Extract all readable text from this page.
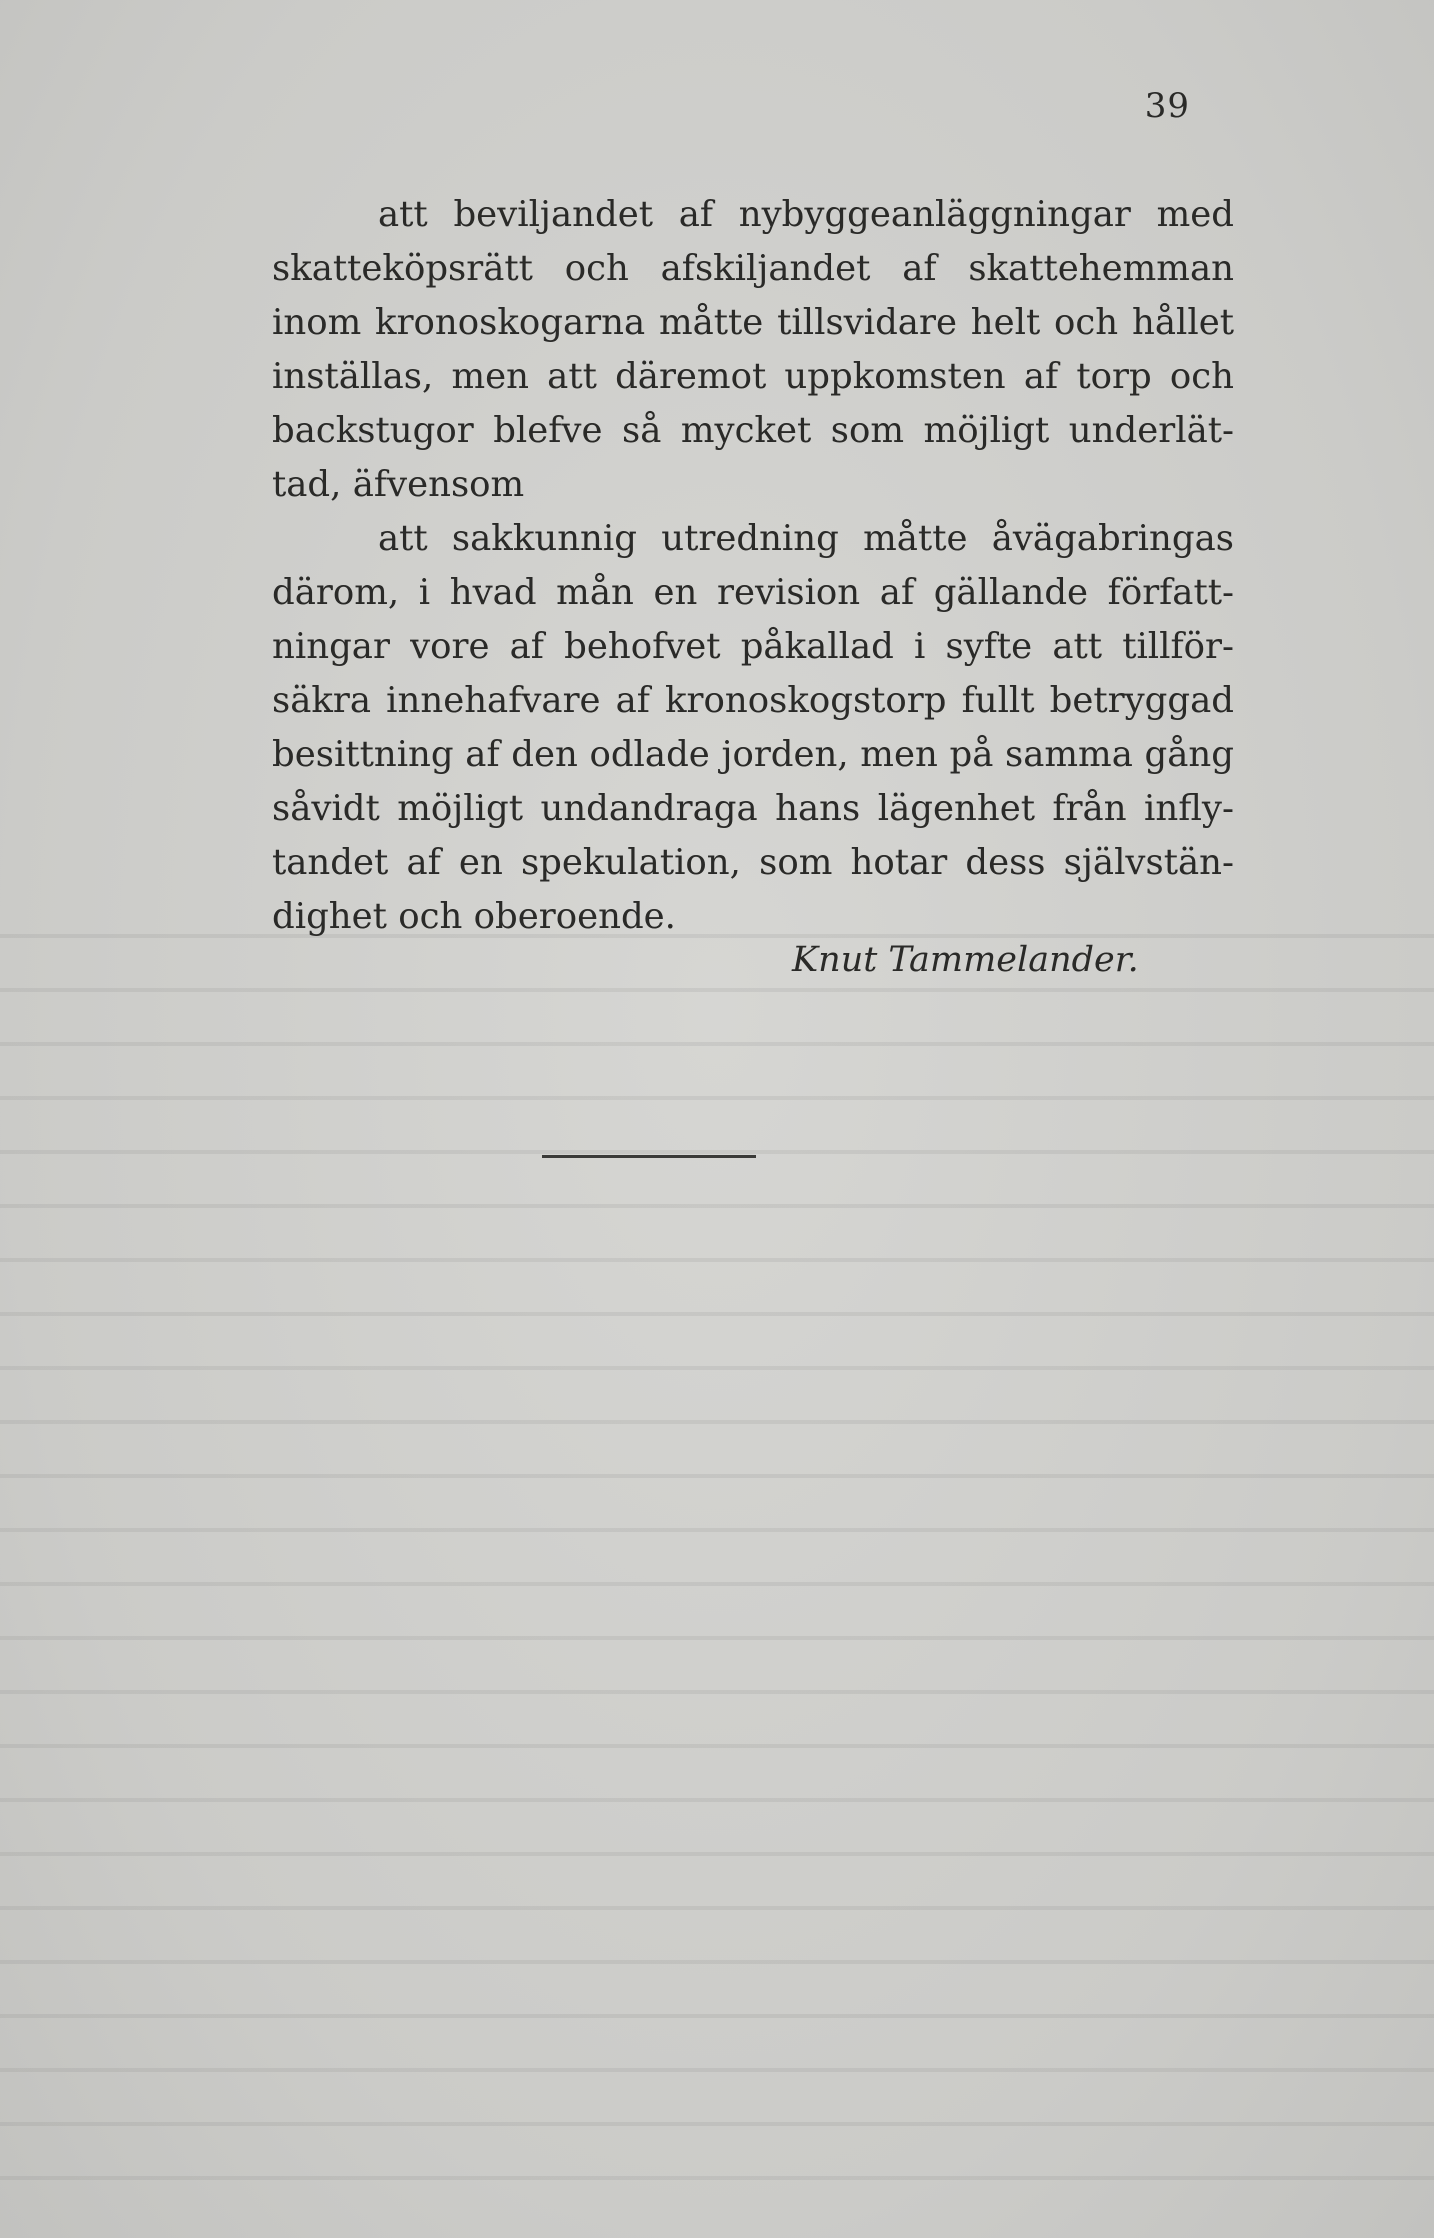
39
att beviljandet af nybyggeanläggningar med
skatteköpsrätt och afskiljandet af skattehemman
inom kronoskogarna måtte tillsvidare helt och hållet
inställas, men att däremot uppkomsten af torp och
backstugor blefve så mycket som möjligt underlät-
tad, äfvensom
att sakkunnig utredning måtte åvägabringas
därom, i hvad mån en revision af gällande författ-
ningar vore af behofvet påkallad i syfte att tillför-
säkra innehafvare af kronoskogstorp fullt betryggad
besittning af den odlade jorden, men på samma gång
såvidt möjligt undandraga hans lägenhet från infly-
tandet af en spekulation, som hotar dess självstän-
dighet och oberoende.
Knut Tammelander.
